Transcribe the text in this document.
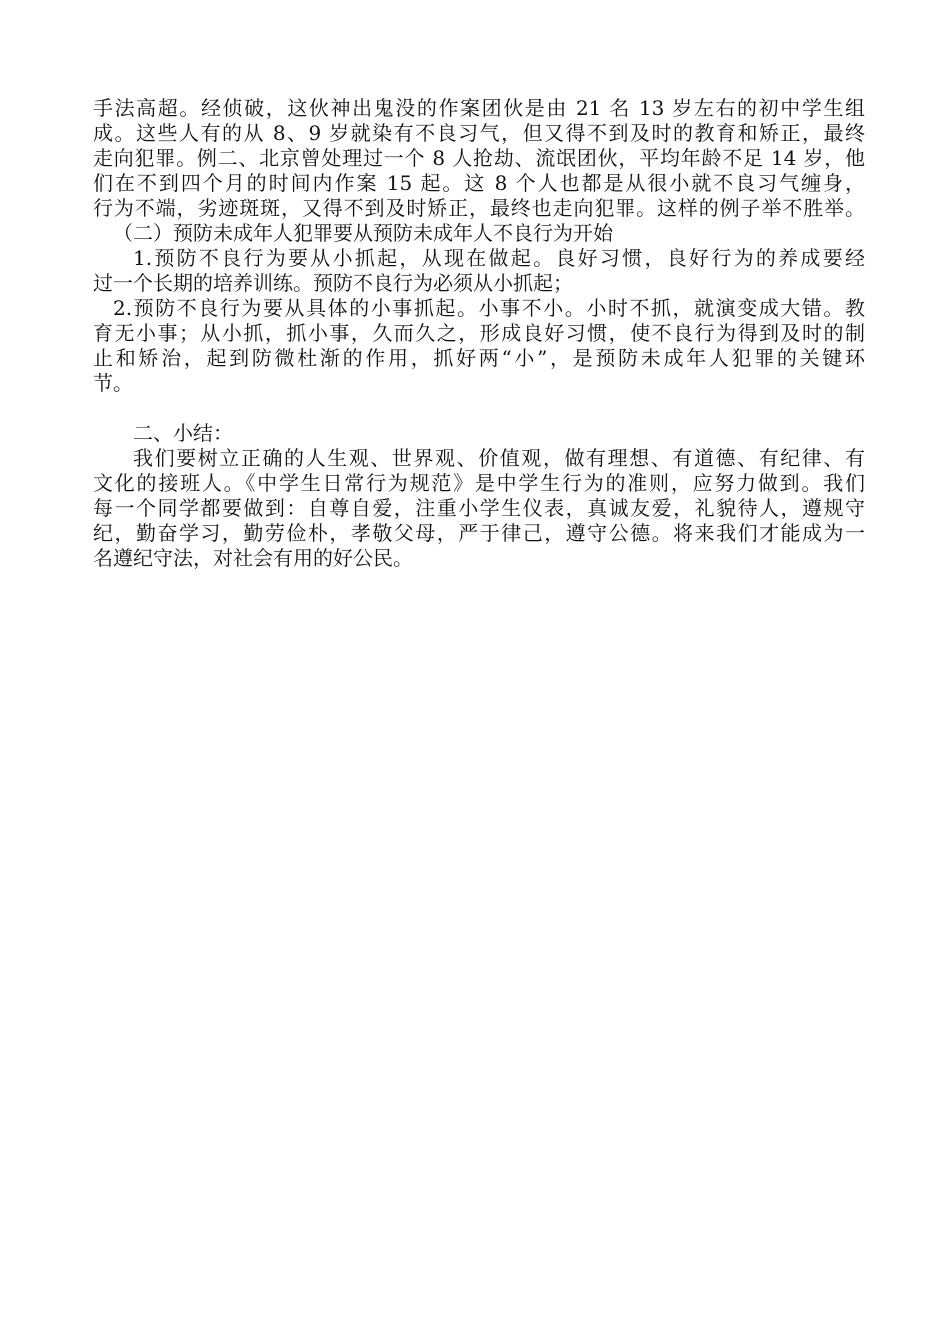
手法高超。经侦破，这伙神出鬼没的作案团伙是由 21 名 13 岁左右的初中学生组
成。这些人有的从 8、9 岁就染有不良习气，但又得不到及时的教育和矫正，最终
走向犯罪。例二、北京曾处理过一个 8 人抢劫、流氓团伙，平均年龄不足 14 岁，他
们在不到四个月的时间内作案 15 起。这 8 个人也都是从很小就不良习气缠身，
行为不端，劣迹斑斑，又得不到及时矫正，最终也走向犯罪。这样的例子举不胜举。
（二）预防未成年人犯罪要从预防未成年人不良行为开始
1.预防不良行为要从小抓起，从现在做起。良好习惯，良好行为的养成要经
过一个长期的培养训练。预防不良行为必须从小抓起；
2.预防不良行为要从具体的小事抓起。小事不小。小时不抓，就演变成大错。教
育无小事；从小抓，抓小事，久而久之，形成良好习惯，使不良行为得到及时的制
止和矫治，起到防微杜渐的作用，抓好两“小”，是预防未成年人犯罪的关键环
节。
二、小结：
我们要树立正确的人生观、世界观、价值观，做有理想、有道德、有纪律、有
文化的接班人。《中学生日常行为规范》是中学生行为的准则，应努力做到。我们
每一个同学都要做到：自尊自爱，注重小学生仪表，真诚友爱，礼貌待人，遵规守
纪，勤奋学习，勤劳俭朴，孝敬父母，严于律己，遵守公德。将来我们才能成为一
名遵纪守法，对社会有用的好公民。
